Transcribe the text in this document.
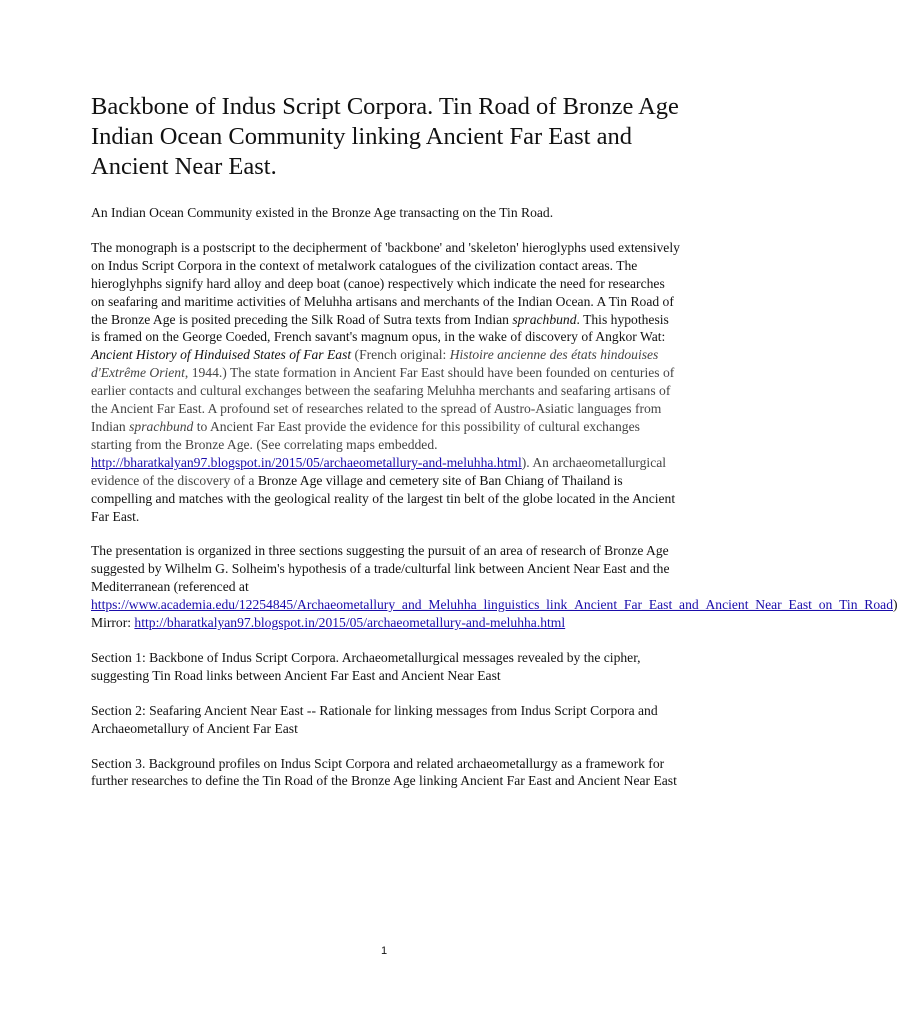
Backbone of Indus Script Corpora. Tin Road of Bronze Age Indian Ocean Community linking Ancient Far East and Ancient Near East.

An Indian Ocean Community existed in the Bronze Age transacting on the Tin Road.

The monograph is a postscript to the decipherment of 'backbone' and 'skeleton' hieroglyphs used extensively on Indus Script Corpora in the context of metalwork catalogues of the civilization contact areas. The hieroglyhphs signify hard alloy and deep boat (canoe) respectively which indicate the need for researches on seafaring and maritime activities of Meluhha artisans and merchants of the Indian Ocean. A Tin Road of the Bronze Age is posited preceding the Silk Road of Sutra texts from Indian sprachbund. This hypothesis is framed on the George Coeded, French savant's magnum opus, in the wake of discovery of Angkor Wat: Ancient History of Hinduised States of Far East (French original: Histoire ancienne des états hindouises d'Extrême Orient, 1944.) The state formation in Ancient Far East should have been founded on centuries of earlier contacts and cultural exchanges between the seafaring Meluhha merchants and seafaring artisans of the Ancient Far East. A profound set of researches related to the spread of Austro-Asiatic languages from Indian sprachbund to Ancient Far East provide the evidence for this possibility of cultural exchanges starting from the Bronze Age. (See correlating maps embedded. http://bharatkalyan97.blogspot.in/2015/05/archaeometallury-and-meluhha.html). An archaeometallurgical evidence of the discovery of a Bronze Age village and cemetery site of Ban Chiang of Thailand is compelling and matches with the geological reality of the largest tin belt of the globe located in the Ancient Far East.

The presentation is organized in three sections suggesting the pursuit of an area of research of Bronze Age suggested by Wilhelm G. Solheim's hypothesis of a trade/culturfal link between Ancient Near East and the Mediterranean (referenced at https://www.academia.edu/12254845/Archaeometallury_and_Meluhha_linguistics_link_Ancient_Far_East_and_Ancient_Near_East_on_Tin_Road) Mirror: http://bharatkalyan97.blogspot.in/2015/05/archaeometallury-and-meluhha.html

Section 1: Backbone of Indus Script Corpora. Archaeometallurgical messages revealed by the cipher, suggesting Tin Road links between Ancient Far East and Ancient Near East

Section 2: Seafaring Ancient Near East -- Rationale for linking messages from Indus Script Corpora and Archaeometallury of Ancient Far East

Section 3. Background profiles on Indus Scipt Corpora and related archaeometallurgy as a framework for further researches to define the Tin Road of the Bronze Age linking Ancient Far East and Ancient Near East

1
